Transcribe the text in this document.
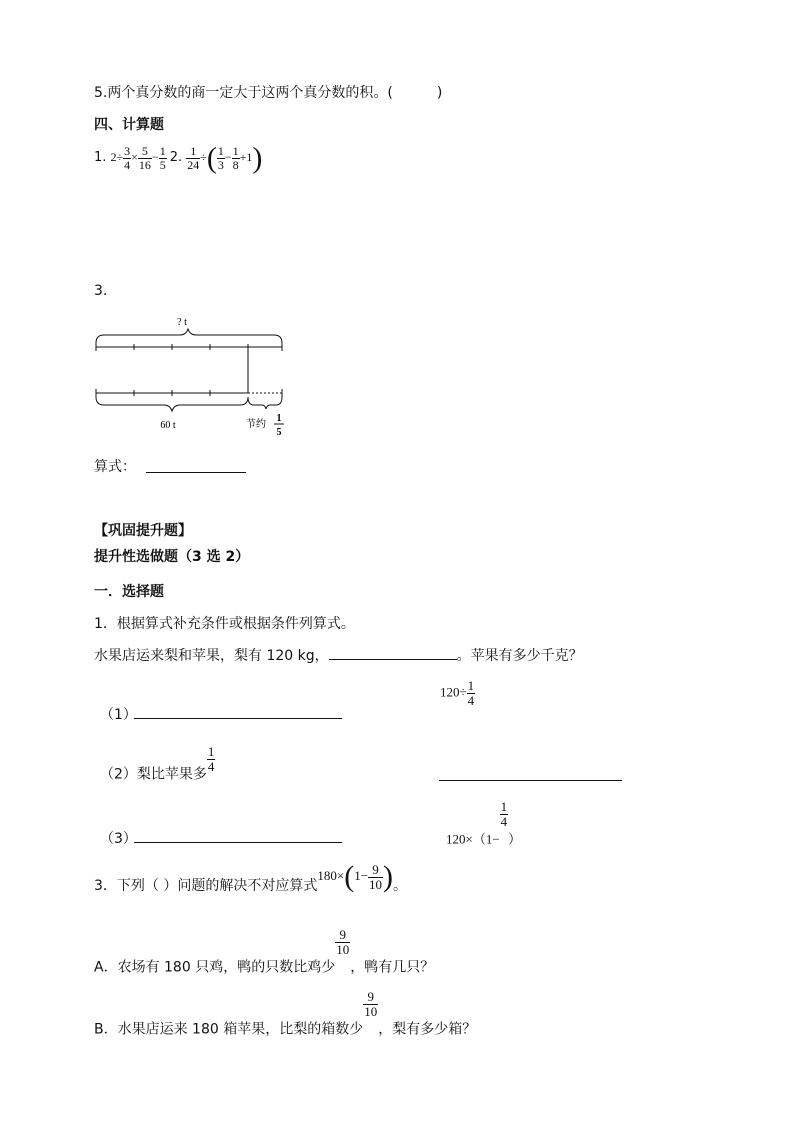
5.两个真分数的商一定大于这两个真分数的积。(	)
四、计算题
1. $2\div \frac{3}{4} \times \frac{5}{16} - \frac{1}{5} 2$. $\frac{1}{24}$ ÷( $\frac{1}{3} - \frac{1}{8} +1$)
3.
? t
60 t	节约
1
5
算式：
【巩固提升题】
提升性选做题（3 选 2）
一．选择题
1．根据算式补充条件或根据条件列算式。
水果店运来梨和苹果，梨有 120 kg，	。苹果有多少千克？
（1）
$120\div \frac{1}{4}$
（2）梨比苹果多
$\frac{1}{4}$
（3）	120×（1−
$\frac{1}{4}$
）
3．下列（ ）问题的解决不对应算式$180\times(1- \frac{9}{10}$ )。
A．农场有 180 只鸡，鸭的只数比鸡少
$\frac{9}{10}$
，鸭有几只？
B．水果店运来 180 箱苹果，比梨的箱数少
$\frac{9}{10}$
，梨有多少箱？
